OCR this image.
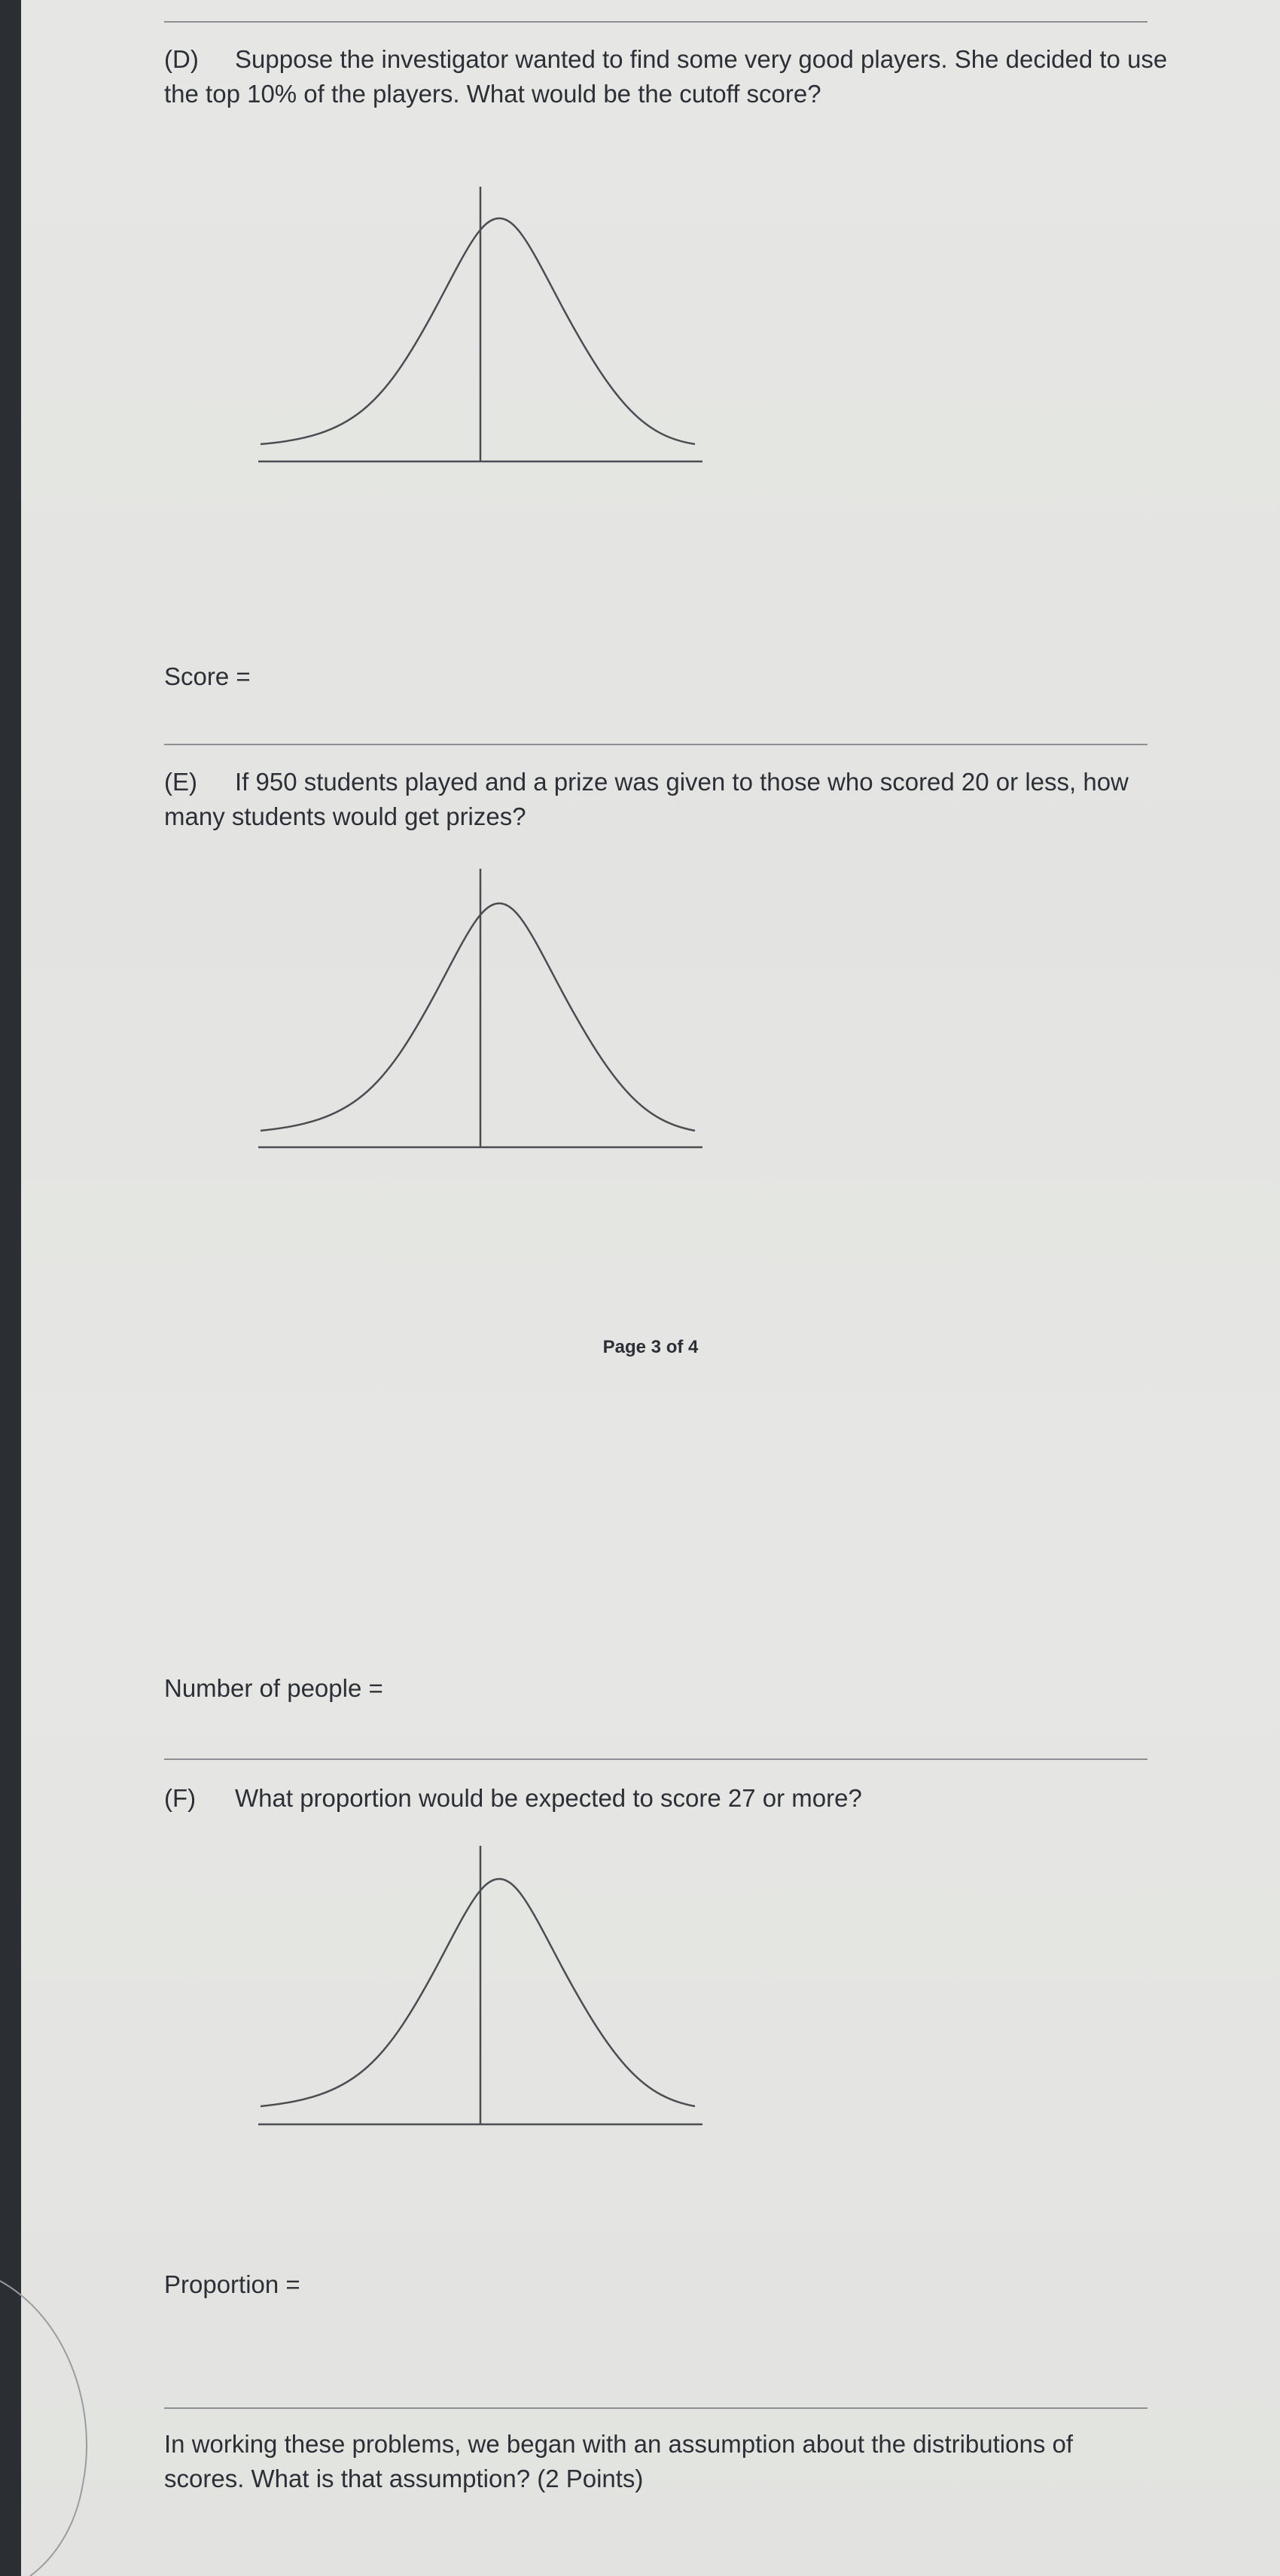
(D) Suppose the investigator wanted to find some very good players. She decided to use the top 10% of the players. What would be the cutoff score?

Score =

(E) If 950 students played and a prize was given to those who scored 20 or less, how many students would get prizes?

Page 3 of 4
Number of people =

(F) What proportion would be expected to score 27 or more?

Proportion =

In working these problems, we began with an assumption about the distributions of scores. What is that assumption? (2 Points)
